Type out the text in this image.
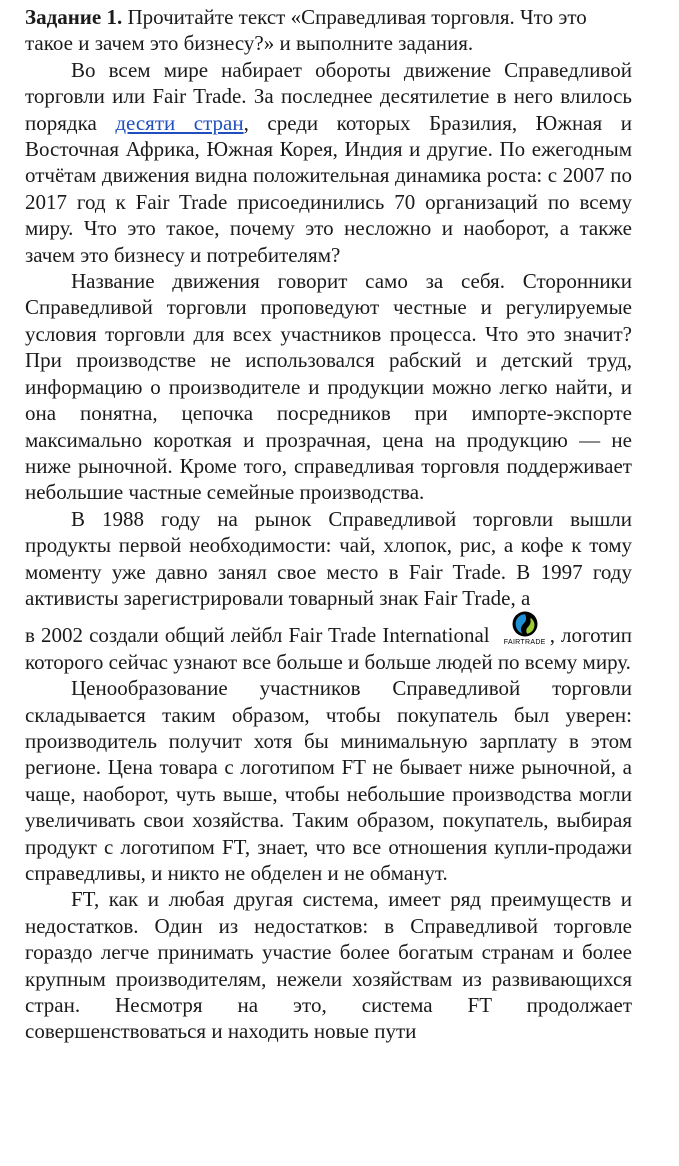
Задание 1. Прочитайте текст «Справедливая торговля. Что это такое и зачем это бизнесу?» и выполните задания.

Во всем мире набирает обороты движение Справедливой торговли или Fair Trade. За последнее десятилетие в него влилось порядка десяти стран, среди которых Бразилия, Южная и Восточная Африка, Южная Корея, Индия и другие. По ежегодным отчётам движения видна положительная динамика роста: с 2007 по 2017 год к Fair Trade присоединились 70 организаций по всему миру. Что это такое, почему это несложно и наоборот, а также зачем это бизнесу и потребителям?

Название движения говорит само за себя. Сторонники Справедливой торговли проповедуют честные и регулируемые условия торговли для всех участников процесса. Что это значит? При производстве не использовался рабский и детский труд, информацию о производителе и продукции можно легко найти, и она понятна, цепочка посредников при импорте-экспорте максимально короткая и прозрачная, цена на продукцию — не ниже рыночной. Кроме того, справедливая торговля поддерживает небольшие частные семейные производства.

В 1988 году на рынок Справедливой торговли вышли продукты первой необходимости: чай, хлопок, рис, а кофе к тому моменту уже давно занял свое место в Fair Trade. В 1997 году активисты зарегистрировали товарный знак Fair Trade, а

в 2002 создали общий лейбл Fair Trade International	FAIRTRADE , логотип которого сейчас узнают все больше и больше людей по всему миру.

Ценообразование участников Справедливой торговли складывается таким образом, чтобы покупатель был уверен: производитель получит хотя бы минимальную зарплату в этом регионе. Цена товара с логотипом FT не бывает ниже рыночной, а чаще, наоборот, чуть выше, чтобы небольшие производства могли увеличивать свои хозяйства. Таким образом, покупатель, выбирая продукт с логотипом FT, знает, что все отношения купли-продажи справедливы, и никто не обделен и не обманут.

FT, как и любая другая система, имеет ряд преимуществ и недостатков. Один из недостатков: в Справедливой торговле гораздо легче принимать участие более богатым странам и более крупным производителям, нежели хозяйствам из развивающихся стран. Несмотря на это, система FT продолжает совершенствоваться и находить новые пути
